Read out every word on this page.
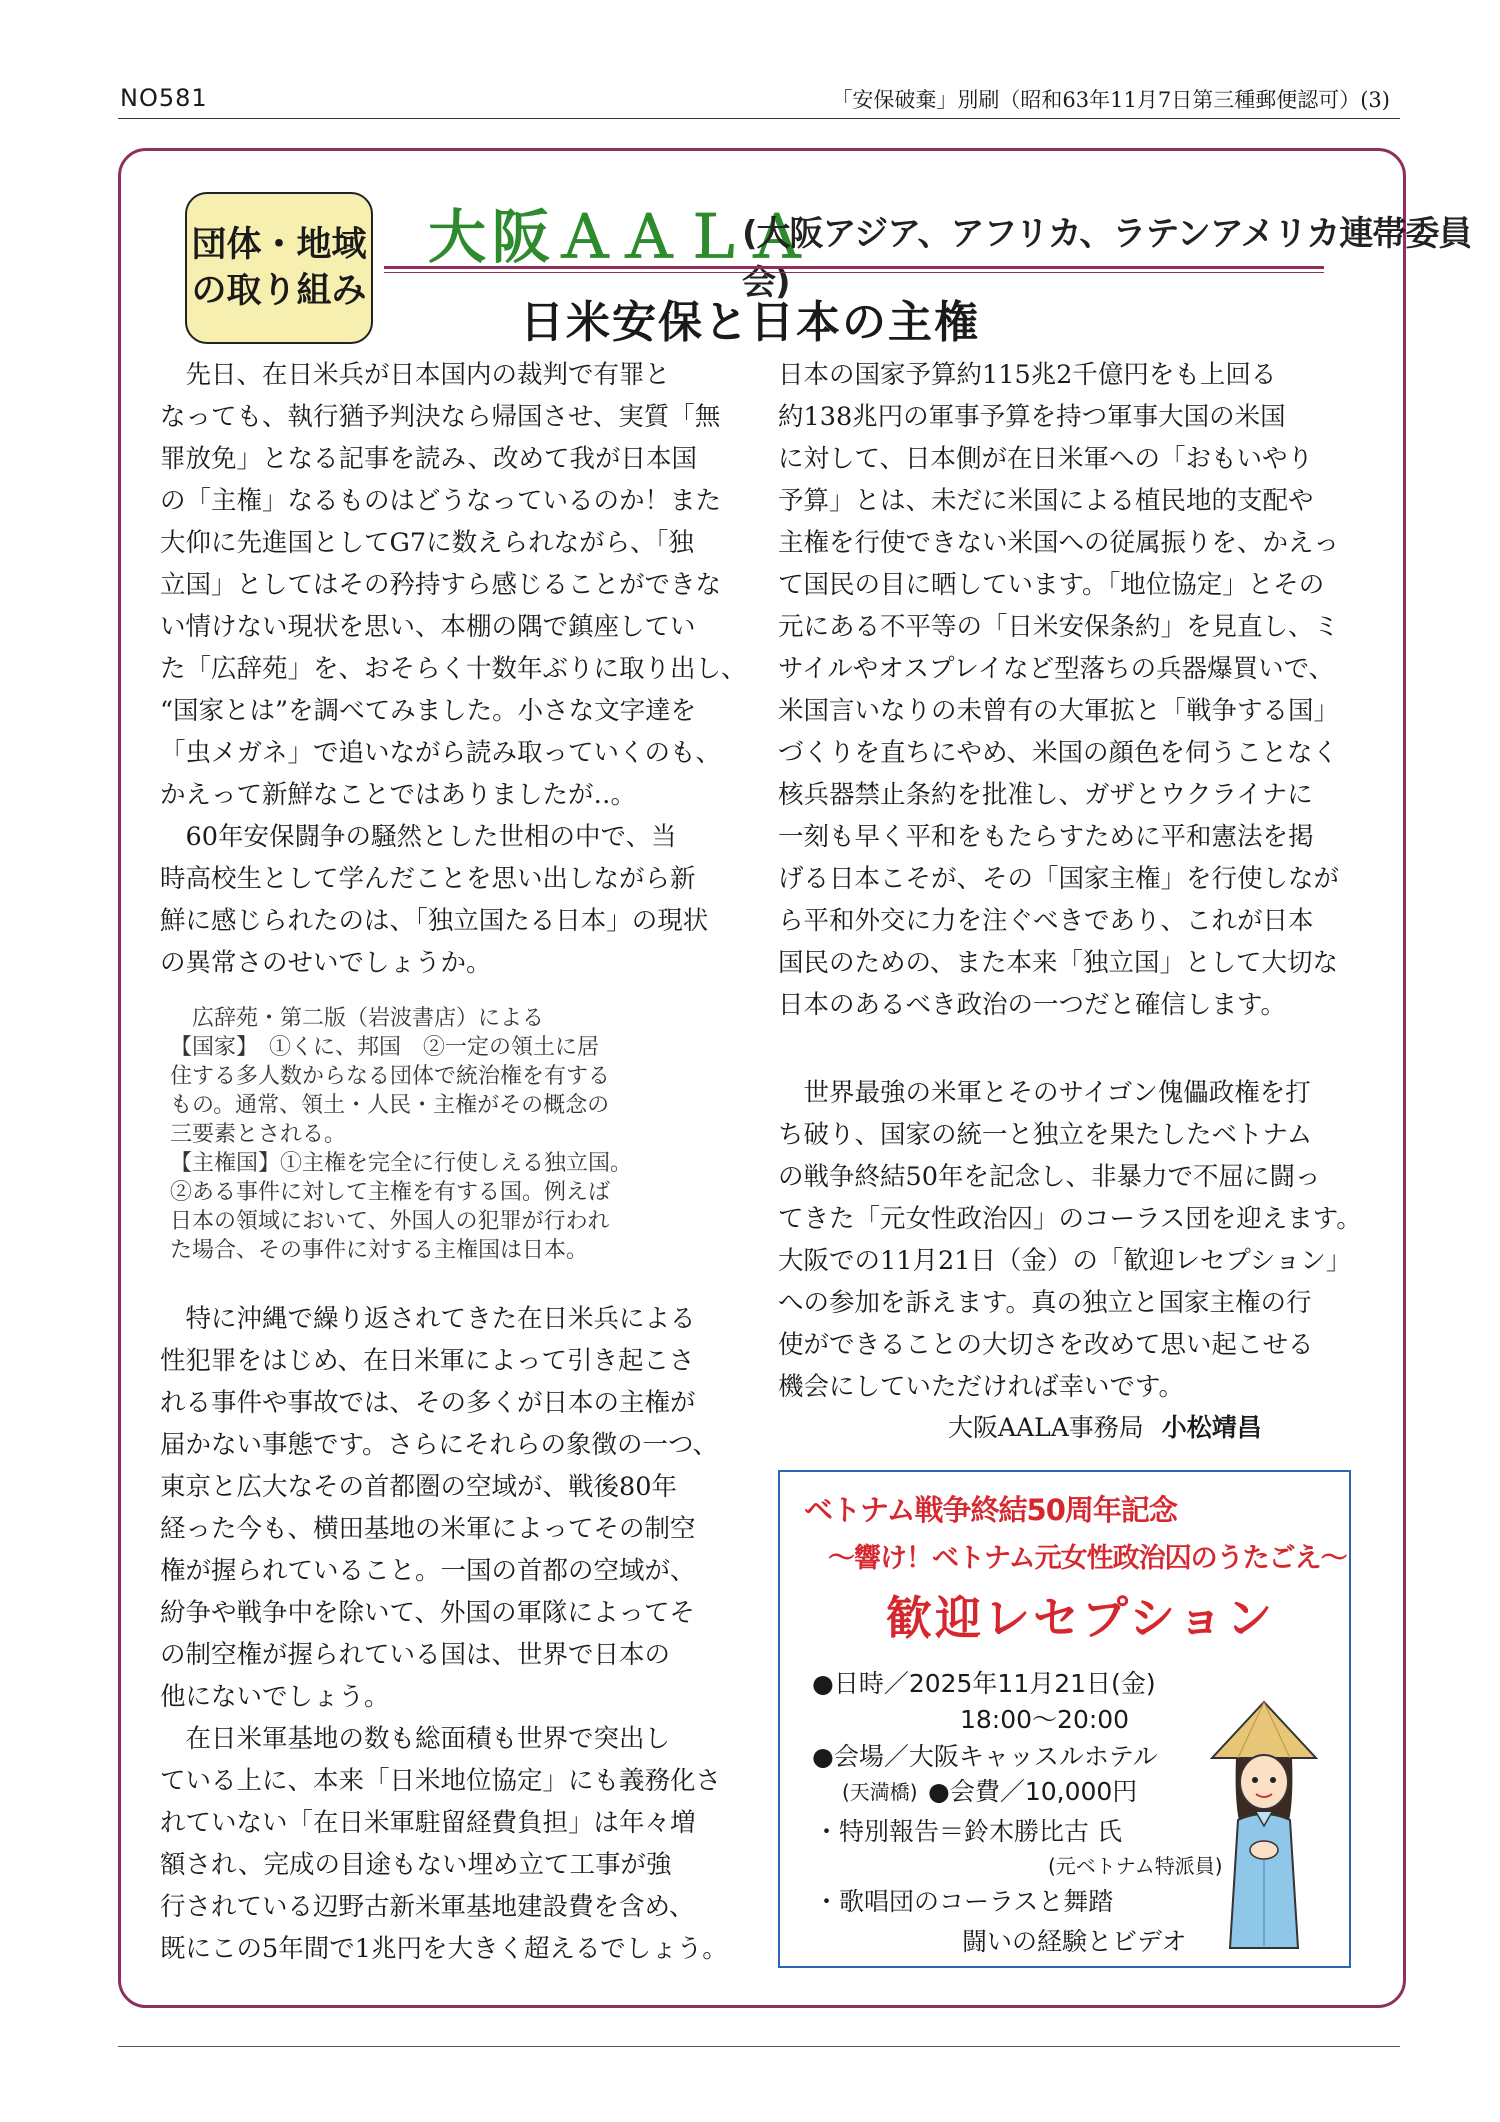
NO581	「安保破棄」別刷（昭和63年11月7日第三種郵便認可）(3)
団体・地域
の取り組み
大阪ＡＡＬＡ
(大阪アジア、アフリカ、ラテンアメリカ連帯委員会)
日米安保と日本の主権

　先日、在日米兵が日本国内の裁判で有罪と

なっても、執行猶予判決なら帰国させ、実質「無

罪放免」となる記事を読み、改めて我が日本国

の「主権」なるものはどうなっているのか！また

大仰に先進国としてG7に数えられながら、「独

立国」としてはその矜持すら感じることができな

い情けない現状を思い、本棚の隅で鎮座してい

た「広辞苑」を、おそらく十数年ぶりに取り出し、

“国家とは”を調べてみました。小さな文字達を

「虫メガネ」で追いながら読み取っていくのも、

かえって新鮮なことではありましたが‥。

　60年安保闘争の騒然とした世相の中で、当

時高校生として学んだことを思い出しながら新

鮮に感じられたのは、「独立国たる日本」の現状

の異常さのせいでしょうか。

　広辞苑・第二版（岩波書店）による

【国家】　①くに、邦国　②一定の領土に居

住する多人数からなる団体で統治権を有する

もの。通常、領土・人民・主権がその概念の

三要素とされる。

【主権国】①主権を完全に行使しえる独立国。

②ある事件に対して主権を有する国。例えば

日本の領域において、外国人の犯罪が行われ

た場合、その事件に対する主権国は日本。

　特に沖縄で繰り返されてきた在日米兵による

性犯罪をはじめ、在日米軍によって引き起こさ

れる事件や事故では、その多くが日本の主権が

届かない事態です。さらにそれらの象徴の一つ、

東京と広大なその首都圏の空域が、戦後80年

経った今も、横田基地の米軍によってその制空

権が握られていること。一国の首都の空域が、

紛争や戦争中を除いて、外国の軍隊によってそ

の制空権が握られている国は、世界で日本の

他にないでしょう。

　在日米軍基地の数も総面積も世界で突出し

ている上に、本来「日米地位協定」にも義務化さ

れていない「在日米軍駐留経費負担」は年々増

額され、完成の目途もない埋め立て工事が強

行されている辺野古新米軍基地建設費を含め、

既にこの5年間で1兆円を大きく超えるでしょう。

日本の国家予算約115兆2千億円をも上回る

約138兆円の軍事予算を持つ軍事大国の米国

に対して、日本側が在日米軍への「おもいやり

予算」とは、未だに米国による植民地的支配や

主権を行使できない米国への従属振りを、かえっ

て国民の目に晒しています。「地位協定」とその

元にある不平等の「日米安保条約」を見直し、ミ

サイルやオスプレイなど型落ちの兵器爆買いで、

米国言いなりの未曾有の大軍拡と「戦争する国」

づくりを直ちにやめ、米国の顔色を伺うことなく

核兵器禁止条約を批准し、ガザとウクライナに

一刻も早く平和をもたらすために平和憲法を掲

げる日本こそが、その「国家主権」を行使しなが

ら平和外交に力を注ぐべきであり、これが日本

国民のための、また本来「独立国」として大切な

日本のあるべき政治の一つだと確信します。

　世界最強の米軍とそのサイゴン傀儡政権を打

ち破り、国家の統一と独立を果たしたベトナム

の戦争終結50年を記念し、非暴力で不屈に闘っ

てきた「元女性政治囚」のコーラス団を迎えます。

大阪での11月21日（金）の「歓迎レセプション」

への参加を訴えます。真の独立と国家主権の行

使ができることの大切さを改めて思い起こせる

機会にしていただければ幸いです。

大阪AALA事務局 小松靖昌
ベトナム戦争終結50周年記念
～響け！ベトナム元女性政治囚のうたごえ～
歓迎レセプション
●日時／2025年11月21日(金)
18:00～20:00
●会場／大阪キャッスルホテル
(天満橋) ●会費／10,000円
・特別報告＝鈴木勝比古 氏
(元ベトナム特派員)
・歌唱団のコーラスと舞踏
闘いの経験とビデオ
